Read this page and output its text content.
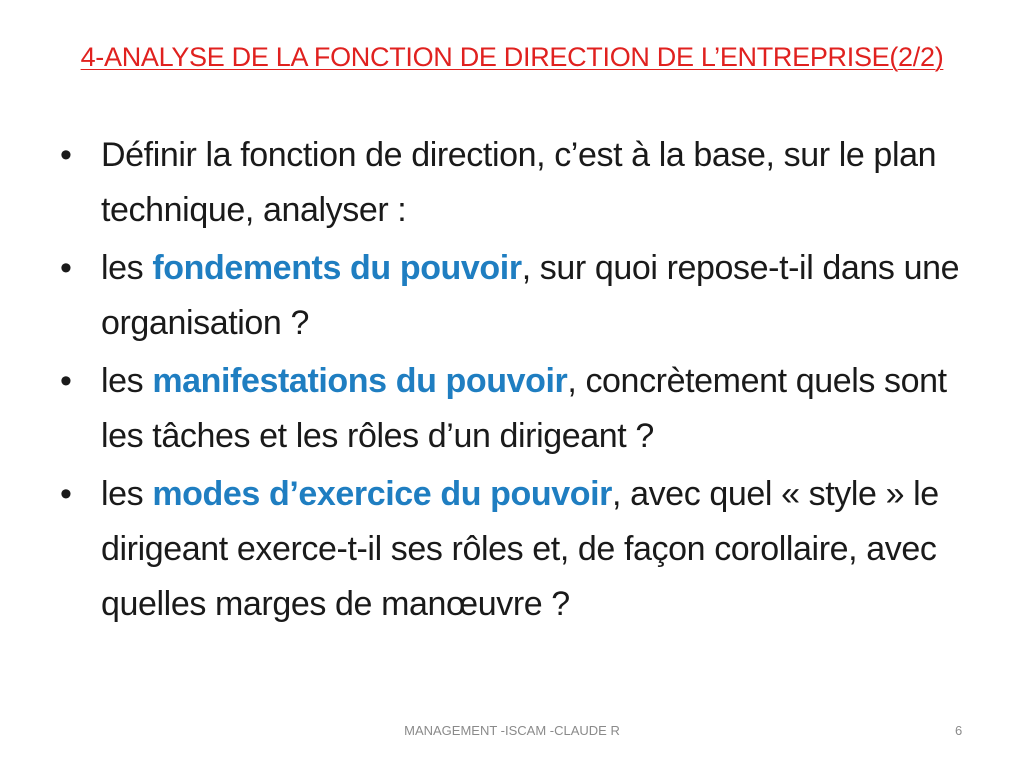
4-ANALYSE DE LA FONCTION DE DIRECTION DE L’ENTREPRISE(2/2)
• Définir la fonction de direction, c’est à la base, sur le plan technique, analyser :
• les fondements du pouvoir, sur quoi repose-t-il dans une organisation ?
• les manifestations du pouvoir, concrètement quels sont les tâches et les rôles d’un dirigeant ?
• les modes d’exercice du pouvoir, avec quel « style » le dirigeant exerce-t-il ses rôles et, de façon corollaire, avec quelles marges de manœuvre ?
MANAGEMENT -ISCAM -CLAUDE R	6
